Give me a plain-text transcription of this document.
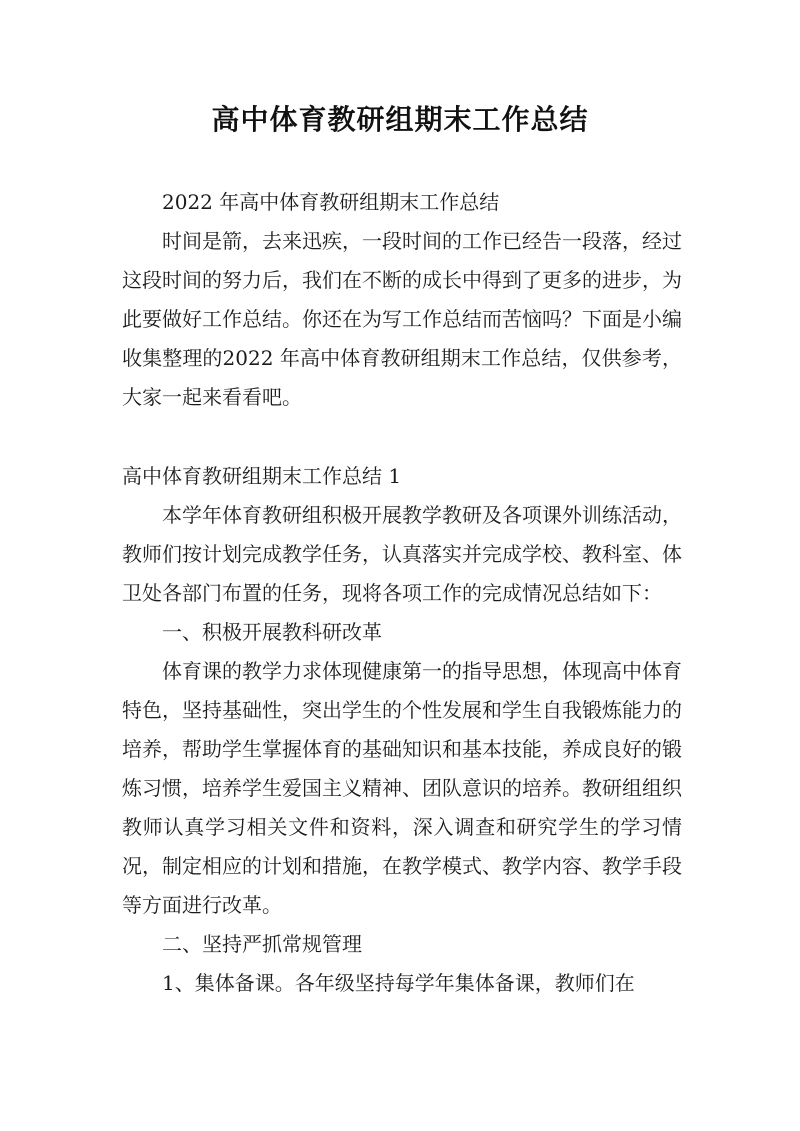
高中体育教研组期末工作总结

2022 年高中体育教研组期末工作总结

时间是箭，去来迅疾，一段时间的工作已经告一段落，经过这段时间的努力后，我们在不断的成长中得到了更多的进步，为此要做好工作总结。你还在为写工作总结而苦恼吗？下面是小编收集整理的2022 年高中体育教研组期末工作总结，仅供参考，大家一起来看看吧。

高中体育教研组期末工作总结 1

本学年体育教研组积极开展教学教研及各项课外训练活动，教师们按计划完成教学任务，认真落实并完成学校、教科室、体卫处各部门布置的任务，现将各项工作的完成情况总结如下：

一、积极开展教科研改革

体育课的教学力求体现健康第一的指导思想，体现高中体育特色，坚持基础性，突出学生的个性发展和学生自我锻炼能力的培养，帮助学生掌握体育的基础知识和基本技能，养成良好的锻炼习惯，培养学生爱国主义精神、团队意识的培养。教研组组织教师认真学习相关文件和资料，深入调查和研究学生的学习情况，制定相应的计划和措施，在教学模式、教学内容、教学手段等方面进行改革。

二、坚持严抓常规管理

1、集体备课。各年级坚持每学年集体备课，教师们在
